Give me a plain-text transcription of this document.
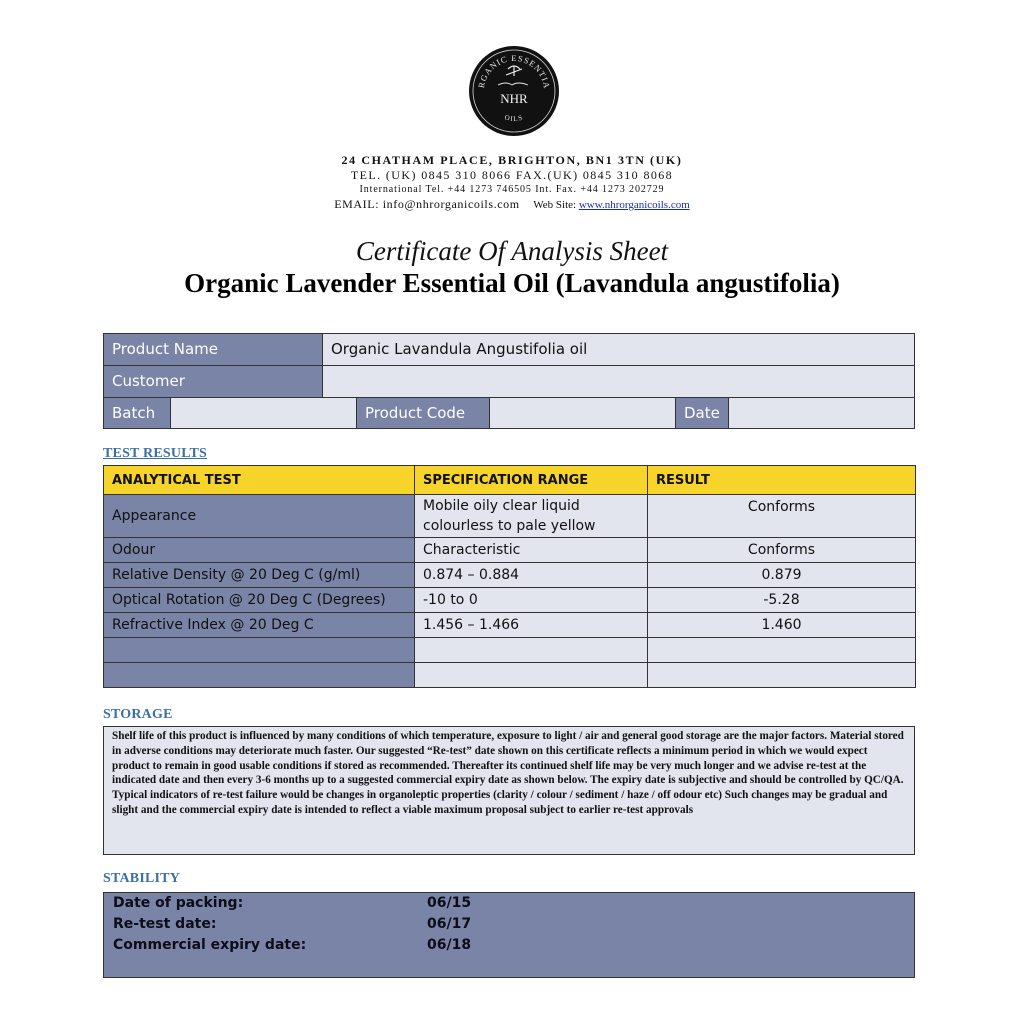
RGANIC ESSENTIA
OILS
NHR
24 CHATHAM PLACE, BRIGHTON, BN1 3TN (UK)
TEL. (UK) 0845 310 8066 FAX.(UK) 0845 310 8068
International Tel. +44 1273 746505 Int. Fax. +44 1273 202729
EMAIL: info@nhrorganicoils.com Web Site: www.nhrorganicoils.com
Certificate Of Analysis Sheet
Organic Lavender Essential Oil (Lavandula angustifolia)
Product Name	Organic Lavandula Angustifolia oil
Customer
Batch	Product Code	Date
TEST RESULTS
ANALYTICAL TEST	SPECIFICATION RANGE	RESULT
Appearance	Mobile oily clear liquid colourless to pale yellow	Conforms
Odour	Characteristic	Conforms
Relative Density @ 20 Deg C (g/ml)	0.874 – 0.884	0.879
Optical Rotation @ 20 Deg C (Degrees)	-10 to 0	-5.28
Refractive Index @ 20 Deg C	1.456 – 1.466	1.460

STORAGE
Shelf life of this product is influenced by many conditions of which temperature, exposure to light / air and general good storage are the major factors. Material stored in adverse conditions may deteriorate much faster. Our suggested “Re-test” date shown on this certificate reflects a minimum period in which we would expect product to remain in good usable conditions if stored as recommended. Thereafter its continued shelf life may be very much longer and we advise re-test at the indicated date and then every 3-6 months up to a suggested commercial expiry date as shown below. The expiry date is subjective and should be controlled by QC/QA. Typical indicators of re-test failure would be changes in organoleptic properties (clarity / colour / sediment / haze / off odour etc) Such changes may be gradual and slight and the commercial expiry date is intended to reflect a viable maximum proposal subject to earlier re-test approvals
STABILITY
Date of packing:	06/15
Re-test date:	06/17
Commercial expiry date:	06/18
